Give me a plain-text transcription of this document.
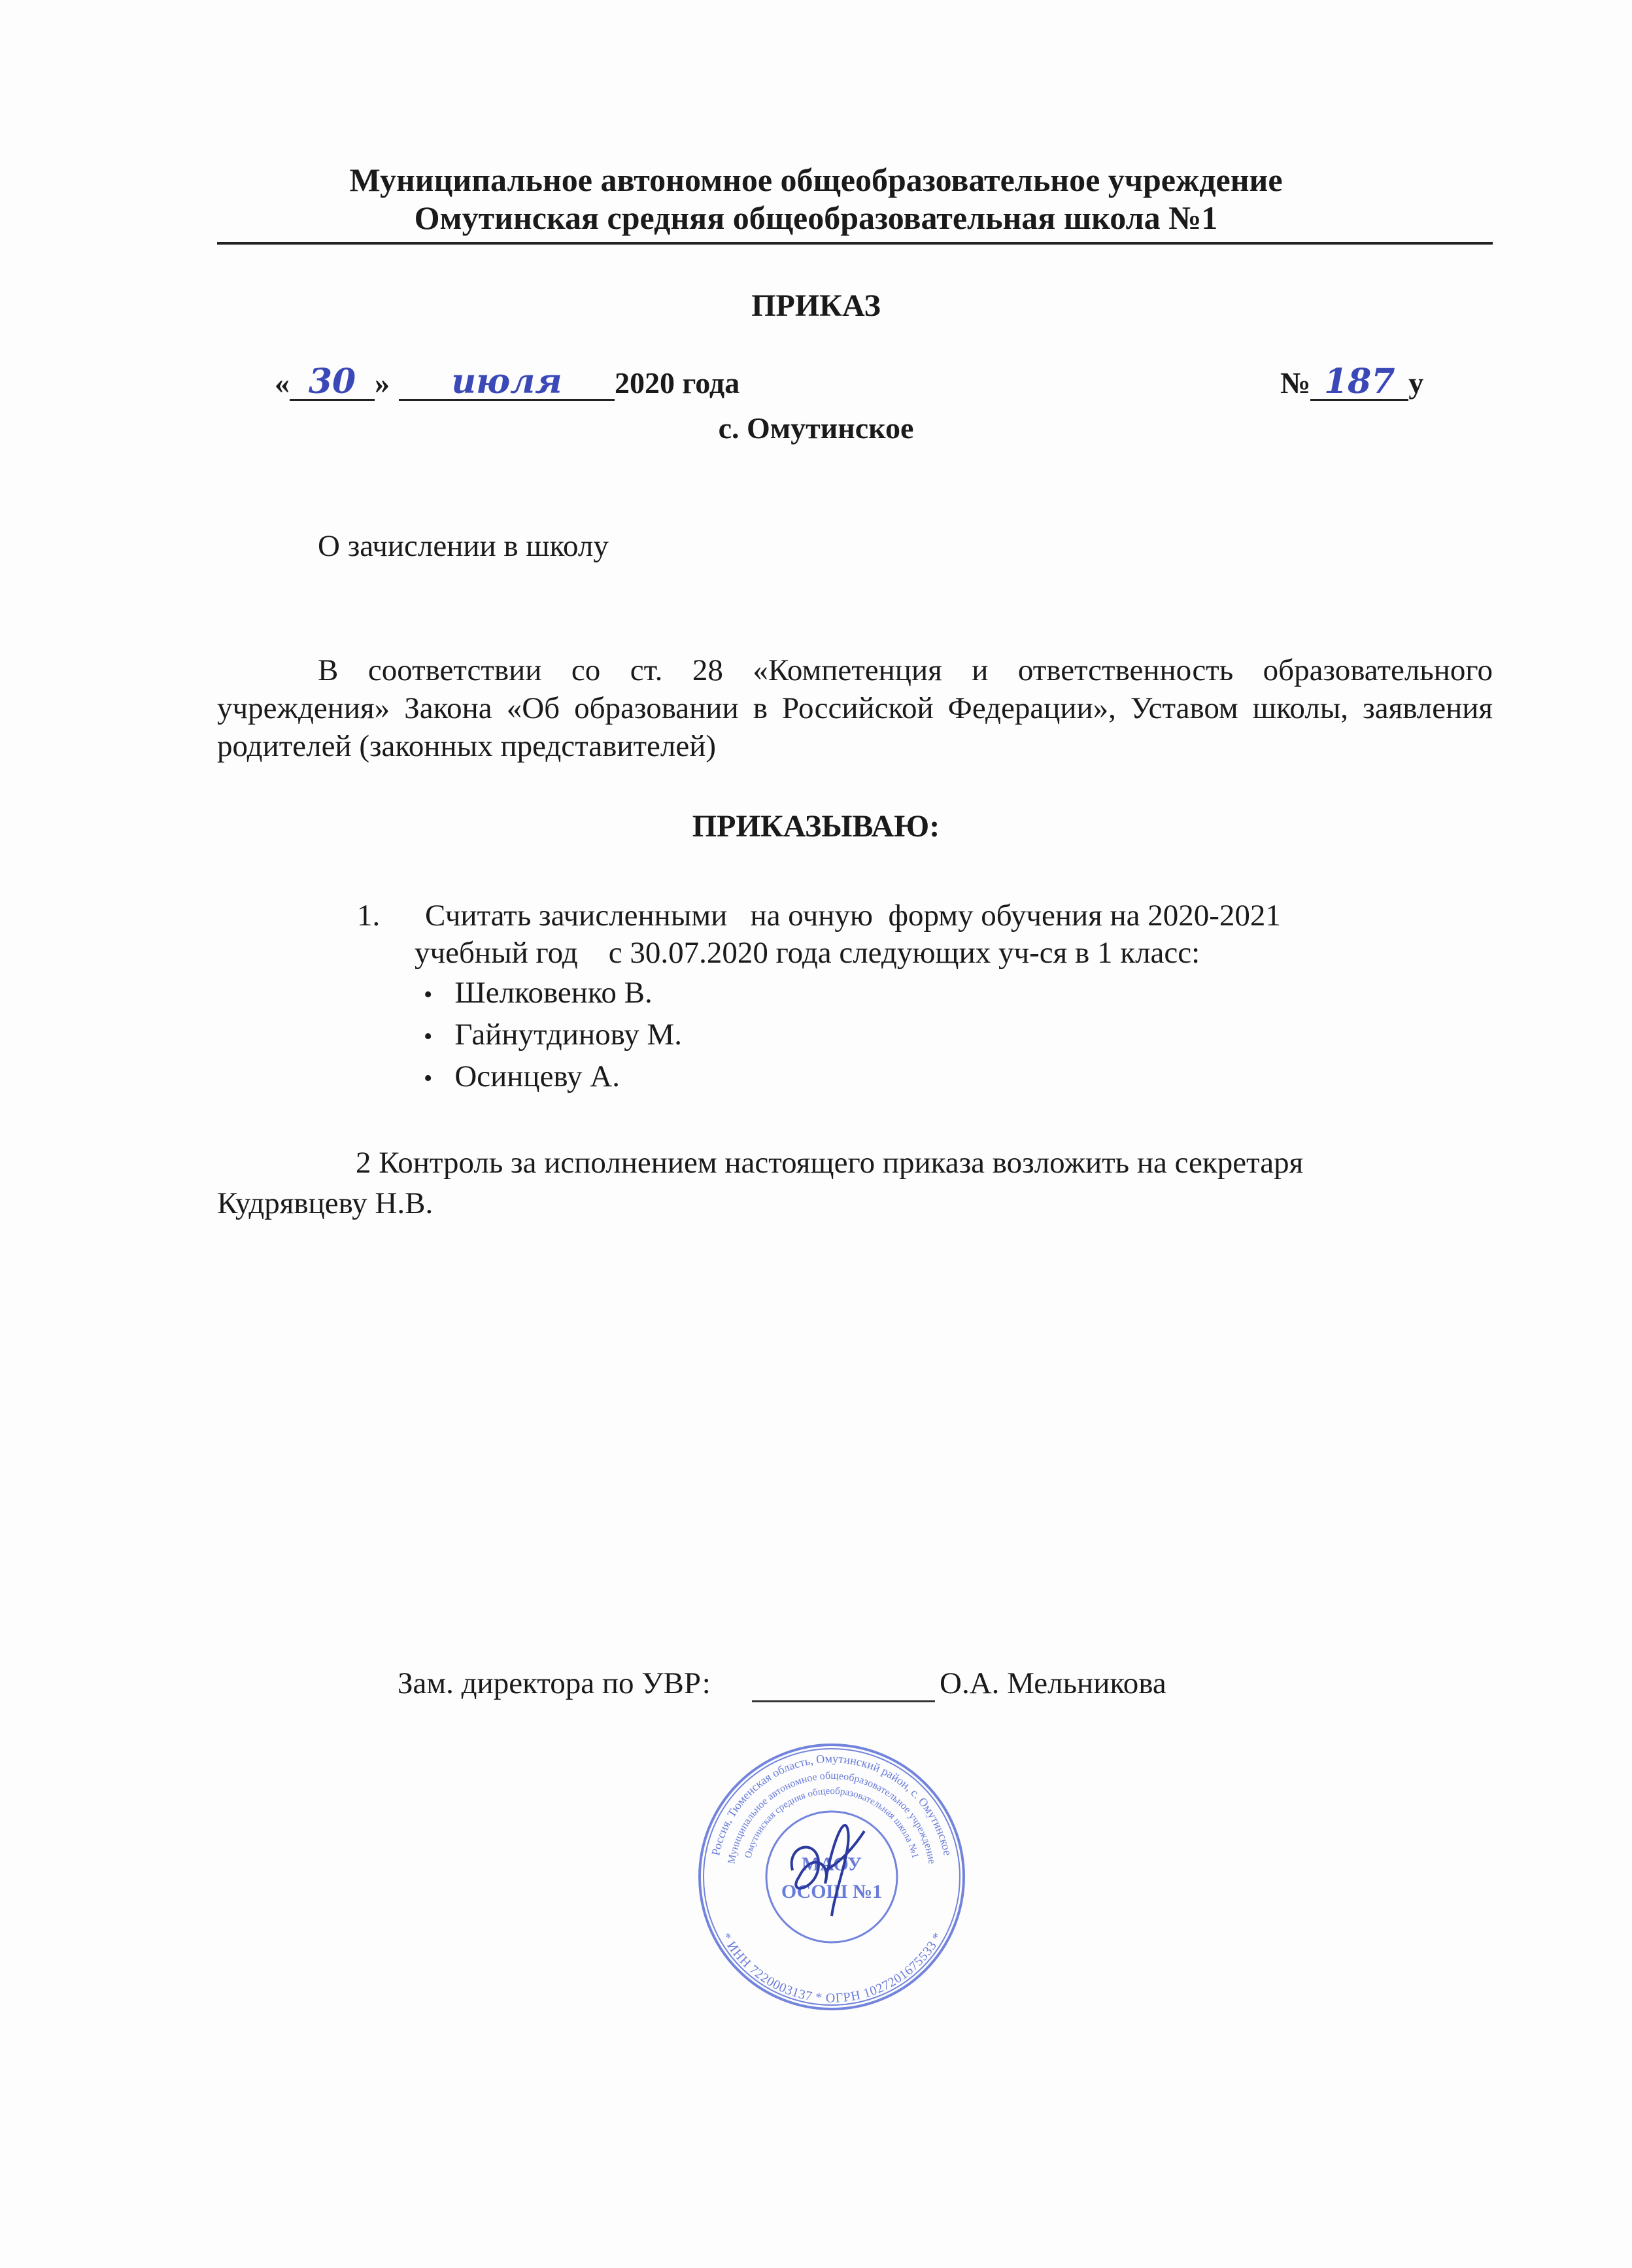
Муниципальное автономное общеобразовательное учреждение
Омутинская средняя общеобразовательная школа №1
ПРИКАЗ
« 30 » июля 2020 года	№ 187 у
с. Омутинское
О зачислении в школу
В соответствии со ст. 28 «Компетенция и ответственность образовательного учреждения» Закона «Об образовании в Российской Федерации», Уставом школы, заявления родителей (законных представителей)
ПРИКАЗЫВАЮ:
1. Считать зачисленными   на очную  форму обучения на 2020-2021
учебный год    с 30.07.2020 года следующих уч-ся в 1 класс:
• Шелковенко В.
• Гайнутдинову М.
• Осинцеву А.
2 Контроль за исполнением настоящего приказа возложить на секретаря
Кудрявцеву Н.В.
Зам. директора по УВР:	О.А. Мельникова
Россия, Тюменская область, Омутинский район, с. Омутинское
Муниципальное автономное общеобразовательное учреждение
Омутинская средняя общеобразовательная школа №1
* ИНН 7220003137 * ОГРН 1027201675533 *
МАОУ
ОСОШ №1
